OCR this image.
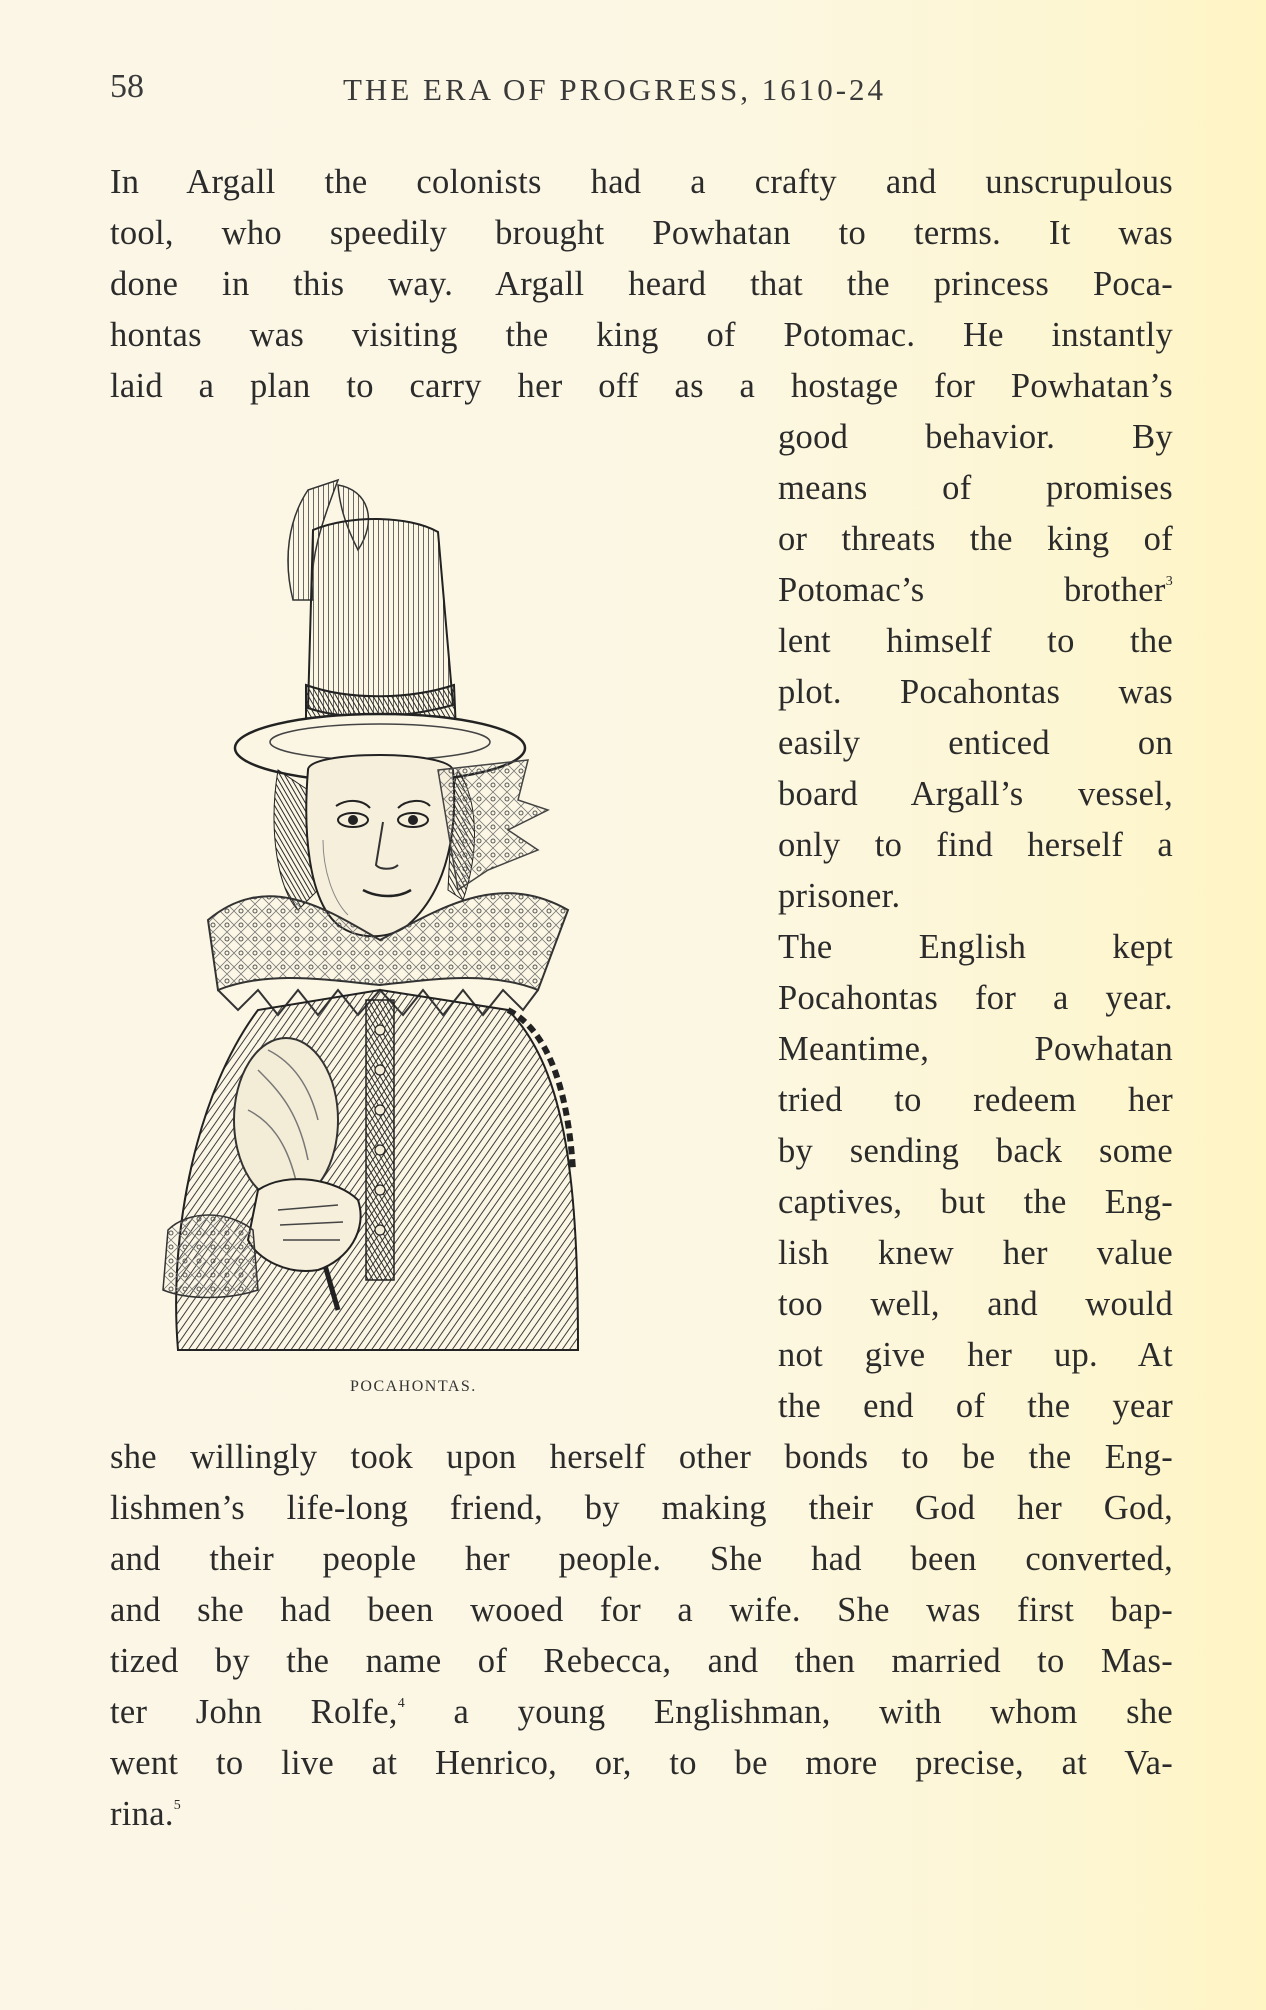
58	THE ERA OF PROGRESS, 1610-24
In Argall the colonists had a crafty and unscrupulous
tool, who speedily brought Powhatan to terms. It was
done in this way. Argall heard that the princess Poca-
hontas was visiting the king of Potomac. He instantly
laid a plan to carry her off as a hostage for Powhatan’s
good behavior. By
means of promises
or threats the king of
Potomac’s brother$^3$
lent himself to the
plot. Pocahontas was
easily enticed on
board Argall’s vessel,
only to find herself a
prisoner.
The English kept
Pocahontas for a year.
Meantime, Powhatan
tried to redeem her
by sending back some
captives, but the Eng-
lish knew her value
too well, and would
not give her up. At
the end of the year
she willingly took upon herself other bonds to be the Eng-
lishmen’s life-long friend, by making their God her God,
and their people her people. She had been converted,
and she had been wooed for a wife. She was first bap-
tized by the name of Rebecca, and then married to Mas-
ter John Rolfe,$^4$ a young Englishman, with whom she
went to live at Henrico, or, to be more precise, at Va-
rina.$^5$
POCAHONTAS.
